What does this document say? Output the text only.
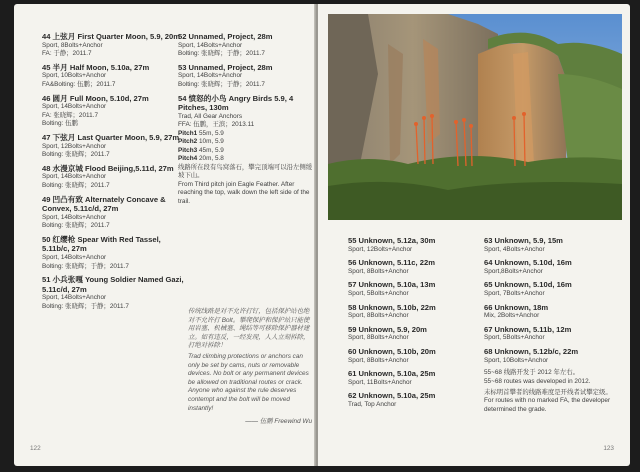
44 上弦月 First Quarter Moon, 5.9, 20m
Sport, 8Bolts+Anchor
FA: 于静；2011.7
45 半月 Half Moon, 5.10a, 27m
Sport, 10Bolts+Anchor
FA&Bolting: 伍鹏；2011.7
46 圆月 Full Moon, 5.10d, 27m
Sport, 14Bolts+Anchor
FA: 张晓辉；2011.7
Bolting: 伍鹏
47 下弦月 Last Quarter Moon, 5.9, 27m
Sport, 12Bolts+Anchor
Bolting: 张晓辉；2011.7
48 水漫京城 Flood Beijing,5.11d, 27m
Sport, 14Bolts+Anchor
Bolting: 张晓辉；2011.7
49 凹凸有致 Alternately Concave & Convex, 5.11c/d, 27m
Sport, 14Bolts+Anchor
Bolting: 张晓辉；2011.7
50 红缨枪 Spear With Red Tassel, 5.11b/c, 27m
Sport, 14Bolts+Anchor
Bolting: 张晓辉；于静；2011.7
51 小兵张嘎 Young Soldier Named Gazi, 5.11c/d, 27m
Sport, 14Bolts+Anchor
Bolting: 张晓辉；于静；2011.7
52 Unnamed, Project, 28m
Sport, 14Bolts+Anchor
Bolting: 张晓辉；于静；2011.7
53 Unnamed, Project, 28m
Sport, 14Bolts+Anchor
Bolting: 张晓辉；于静；2011.7
54 愤怒的小鸟 Angry Birds 5.9, 4 Pitches, 130m
Trad, All Gear Anchors
FFA: 伍鹏，王滨；2013.11
Pitch1 55m, 5.9
Pitch2 10m, 5.9
Pitch3 45m, 5.9
Pitch4 20m, 5.8
线路所在段有鸟窝落石，攀完顶端可以沿左侧缓坡下山。
From Third pitch join Eagle Feather. After reaching the top, walk down the left side of the trail.

传统线路是对不允许打钉，包括保护站也绝对不允许打 Bolt。攀爬保护和保护站只能使用岩塞、机械塞、绳结等可移除保护器材建立。如有违反，一经发现，人人立刻拆除，打绝对拆除！

Trad climbing protections or anchors can only be set by cams, nuts or removable devices. No bolt or any permanent devices be allowed on traditional routes or crack. Anyone who against the rule deserves contempt and the bolt will be moved instantly!

—— 伍鹏 Freewind Wu
122
55 Unknown, 5.12a, 30m
Sport, 12Bolts+Anchor
56 Unknown, 5.11c, 22m
Sport, 8Bolts+Anchor
57 Unknown, 5.10a, 13m
Sport, 5Bolts+Anchor
58 Unknown, 5.10b, 22m
Sport, 8Bolts+Anchor
59 Unknown, 5.9, 20m
Sport, 8Bolts+Anchor
60 Unknown, 5.10b, 20m
Sport, 8Bolts+Anchor
61 Unknown, 5.10a, 25m
Sport, 11Bolts+Anchor
62 Unknown, 5.10a, 25m
Trad, Top Anchor
63 Unknown, 5.9, 15m
Sport, 4Bolts+Anchor
64 Unknown, 5.10d, 16m
Sport,8Bolts+Anchor
65 Unknown, 5.10d, 16m
Sport, 7Bolts+Anchor
66 Unknown, 18m
Mix, 2Bolts+Anchor
67 Unknown, 5.11b, 12m
Sport, 5Bolts+Anchor
68 Unknown, 5.12b/c, 22m
Sport, 10Bolts+Anchor
55~68 线路开发于 2012 年左右。
55~68 routes was developed in 2012.
未标明首攀者的线路难度是开线者试攀定级。
For routes with no marked FA, the developer determined the grade.
123
